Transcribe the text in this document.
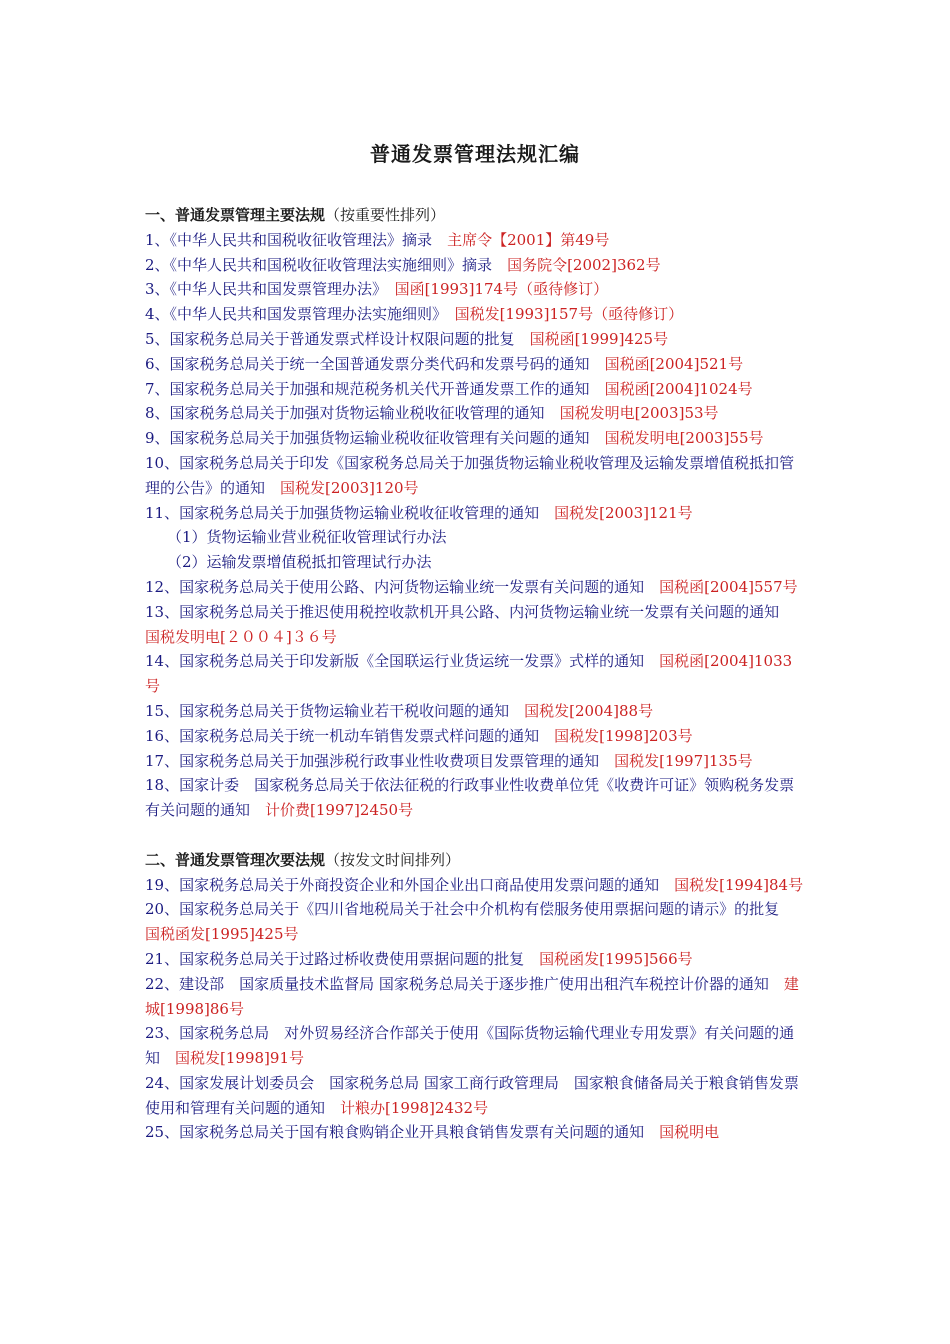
普通发票管理法规汇编
一、普通发票管理主要法规（按重要性排列）
1、《中华人民共和国税收征收管理法》摘录　 主席令【2001】第49号
2、《中华人民共和国税收征收管理法实施细则》摘录　 国务院令[2002]362号
3、《中华人民共和国发票管理办法》　 国函[1993]174号（亟待修订）
4、《中华人民共和国发票管理办法实施细则》　 国税发[1993]157号（亟待修订）
5、国家税务总局关于普通发票式样设计权限问题的批复　 国税函[1999]425号
6、国家税务总局关于统一全国普通发票分类代码和发票号码的通知　 国税函[2004]521号
7、国家税务总局关于加强和规范税务机关代开普通发票工作的通知　 国税函[2004]1024号
8、国家税务总局关于加强对货物运输业税收征收管理的通知　 国税发明电[2003]53号
9、国家税务总局关于加强货物运输业税收征收管理有关问题的通知　 国税发明电[2003]55号
10、国家税务总局关于印发《国家税务总局关于加强货物运输业税收管理及运输发票增值税抵扣管理的公告》的通知　 国税发[2003]120号
11、国家税务总局关于加强货物运输业税收征收管理的通知　 国税发[2003]121号
（1）货物运输业营业税征收管理试行办法
（2）运输发票增值税抵扣管理试行办法
12、国家税务总局关于使用公路、内河货物运输业统一发票有关问题的通知　 国税函[2004]557号
13、国家税务总局关于推迟使用税控收款机开具公路、内河货物运输业统一发票有关问题的通知　国税发明电[２００４]３６号
14、国家税务总局关于印发新版《全国联运行业货运统一发票》式样的通知　 国税函[2004]1033号
15、国家税务总局关于货物运输业若干税收问题的通知　 国税发[2004]88号
16、国家税务总局关于统一机动车销售发票式样问题的通知　 国税发[1998]203号
17、国家税务总局关于加强涉税行政事业性收费项目发票管理的通知　 国税发[1997]135号
18、国家计委　国家税务总局关于依法征税的行政事业性收费单位凭《收费许可证》领购税务发票有关问题的通知　 计价费[1997]2450号
二、普通发票管理次要法规（按发文时间排列）
19、国家税务总局关于外商投资企业和外国企业出口商品使用发票问题的通知　 国税发[1994]84号
20、国家税务总局关于《四川省地税局关于社会中介机构有偿服务使用票据问题的请示》的批复　国税函发[1995]425号
21、国家税务总局关于过路过桥收费使用票据问题的批复　 国税函发[1995]566号
22、建设部　国家质量技术监督局 国家税务总局关于逐步推广使用出租汽车税控计价器的通知　 建城[1998]86号
23、国家税务总局　对外贸易经济合作部关于使用《国际货物运输代理业专用发票》有关问题的通知　 国税发[1998]91号
24、国家发展计划委员会　国家税务总局 国家工商行政管理局　国家粮食储备局关于粮食销售发票使用和管理有关问题的通知　 计粮办[1998]2432号
25、国家税务总局关于国有粮食购销企业开具粮食销售发票有关问题的通知　 国税明电
